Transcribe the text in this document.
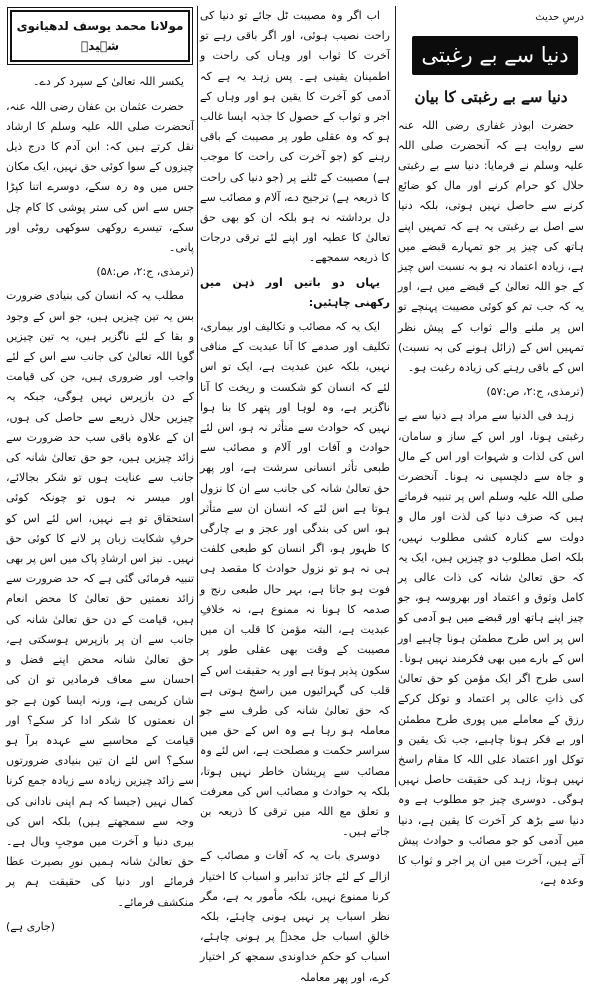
درسِ حدیث
دنیا سے بے رغبتی
دنیا سے بے رغبتی کا بیان

حضرت ابوذر غفاری رضی اللہ عنہ سے روایت ہے کہ آنحضرت صلی اللہ علیہ وسلم نے فرمایا: دنیا سے بے رغبتی حلال کو حرام کرنے اور مال کو ضائع کرنے سے حاصل نہیں ہوتی، بلکہ دنیا سے اصل بے رغبتی یہ ہے کہ تمہیں اپنے ہاتھ کی چیز پر جو تمہارے قبضے میں ہے، زیادہ اعتماد نہ ہو بہ نسبت اس چیز کے جو اللہ تعالیٰ کے قبضے میں ہے، اور یہ کہ جب تم کو کوئی مصیبت پہنچے تو اس پر ملنے والے ثواب کے پیش نظر تمہیں اس کے (زائل ہونے کی بہ نسبت) اس کے باقی رہنے کی زیادہ رغبت ہو۔

(ترمذی، ج:۲، ص:۵۷)

زہد فی الدنیا سے مراد ہے دنیا سے بے رغبتی ہونا، اور اس کے ساز و سامان، اس کی لذات و شہوات اور اس کے مال و جاہ سے دلچسپی نہ ہونا۔ آنحضرت صلی اللہ علیہ وسلم اس پر تنبیہ فرماتے ہیں کہ صرف دنیا کی لذت اور مال و دولت سے کنارہ کشی مطلوب نہیں، بلکہ اصل مطلوب دو چیزیں ہیں، ایک یہ کہ حق تعالیٰ شانہ کی ذات عالی پر کامل وثوق و اعتماد اور بھروسہ ہو، جو چیز اپنے ہاتھ اور قبضے میں ہو آدمی کو اس پر اس طرح مطمئن ہونا چاہیے اور اس کے بارے میں بھی فکرمند نہیں ہونا۔ اسی طرح اگر ایک مؤمن کو حق تعالیٰ کی ذاتِ عالی پر اعتماد و توکل کرکے رزق کے معاملے میں پوری طرح مطمئن اور بے فکر ہونا چاہیے، جب تک یقین و توکل اور اعتماد علی اللہ کا مقام راسخ نہیں ہوتا، زہد کی حقیقت حاصل نہیں ہوگی۔ دوسری چیز جو مطلوب ہے وہ دنیا سے بڑھ کر آخرت کا یقین ہے، دنیا میں آدمی کو جو مصائب و حوادث پیش آتے ہیں، آخرت میں ان پر اجر و ثواب کا وعدہ ہے،

اب اگر وہ مصیبت ٹل جائے تو دنیا کی راحت نصیب ہوئی، اور اگر باقی رہے تو آخرت کا ثواب اور وہاں کی راحت و اطمینان یقینی ہے۔ پس زہد یہ ہے کہ آدمی کو آخرت کا یقین ہو اور وہاں کے اجر و ثواب کے حصول کا جذبہ ایسا غالب ہو کہ وہ عقلی طور پر مصیبت کے باقی رہنے کو (جو آخرت کی راحت کا موجب ہے) مصیبت کے ٹلنے پر (جو دنیا کی راحت کا ذریعہ ہے) ترجیح دے، آلام و مصائب سے دل برداشتہ نہ ہو بلکہ ان کو بھی حق تعالیٰ کا عطیہ اور اپنے لئے ترقی درجات کا ذریعہ سمجھے۔

یہاں دو باتیں اور ذہن میں رکھنی چاہئیں:

ایک یہ کہ مصائب و تکالیف اور بیماری، تکلیف اور صدمے کا آنا عبدیت کے منافی نہیں، بلکہ عین عبدیت ہے، ایک تو اس لئے کہ انسان کو شکست و ریخت کا آنا ناگزیر ہے، وہ لوہا اور پتھر کا بنا ہوا نہیں کہ حوادث سے متأثر نہ ہو، اس لئے حوادث و آفات اور آلام و مصائب سے طبعی تأثر انسانی سرشت ہے، اور پھر حق تعالیٰ شانہ کی جانب سے ان کا نزول ہوتا ہے اس لئے کہ انسان ان سے متأثر ہو، اس کی بندگی اور عجز و بے چارگی کا ظہور ہو، اگر انسان کو طبعی کلفت ہی نہ ہو تو نزول حوادث کا مقصد ہی فوت ہو جاتا ہے، بہر حال طبعی رنج و صدمہ کا ہونا نہ ممنوع ہے، نہ خلافِ عبدیت ہے، البتہ مؤمن کا قلب ان میں مصیبت کے وقت بھی عقلی طور پر سکون پذیر ہوتا ہے اور یہ حقیقت اس کے قلب کی گہرائیوں میں راسخ ہوتی ہے کہ حق تعالیٰ شانہ کی طرف سے جو معاملہ ہو رہا ہے وہ اس کے حق میں سراسر حکمت و مصلحت ہے، اس لئے وہ مصائب سے پریشان خاطر نہیں ہوتا، بلکہ یہ حوادث و مصائب اس کی معرفت و تعلق مع اللہ میں ترقی کا ذریعہ بن جاتے ہیں۔

دوسری بات یہ کہ آفات و مصائب کے ازالے کے لئے جائز تدابیر و اسباب کا اختیار کرنا ممنوع نہیں، بلکہ مأمور بہ ہے، مگر نظر اسباب پر نہیں ہونی چاہئے، بلکہ خالقِ اسباب جل مجدہٗ پر ہونی چاہئے، اسباب کو حکمِ خداوندی سمجھ کر اختیار کرے، اور پھر معاملہ

مولانا محمد یوسف لدھیانوی شہیدؒ

یکسر اللہ تعالیٰ کے سپرد کر دے۔

حضرت عثمان بن عفان رضی اللہ عنہ، آنحضرت صلی اللہ علیہ وسلم کا ارشاد نقل کرتے ہیں کہ: ابن آدم کا درج ذیل چیزوں کے سوا کوئی حق نہیں، ایک مکان جس میں وہ رہ سکے، دوسرے اتنا کپڑا جس سے اس کی ستر پوشی کا کام چل سکے، تیسرے روکھی سوکھی روٹی اور پانی۔

(ترمذی، ج:۲، ص:۵۸)

مطلب یہ کہ انسان کی بنیادی ضرورت بس یہ تین چیزیں ہیں، جو اس کے وجود و بقا کے لئے ناگزیر ہیں، یہ تین چیزیں گویا اللہ تعالیٰ کی جانب سے اس کے لئے واجب اور ضروری ہیں، جن کی قیامت کے دن بازپرس نہیں ہوگی، جبکہ یہ چیزیں حلال ذریعے سے حاصل کی ہوں، ان کے علاوہ باقی سب حد ضرورت سے زائد چیزیں ہیں، جو حق تعالیٰ شانہ کی جانب سے عنایت ہوں تو شکر بجالائے، اور میسر نہ ہوں تو چونکہ کوئی استحقاق تو ہے نہیں، اس لئے اس کو حرفِ شکایت زبان پر لانے کا کوئی حق نہیں۔ نیز اس ارشادِ پاک میں اس پر بھی تنبیہ فرمائی گئی ہے کہ حد ضرورت سے زائد نعمتیں حق تعالیٰ کا محض انعام ہیں، قیامت کے دن حق تعالیٰ شانہ کی جانب سے ان پر بازپرس ہوسکتی ہے، حق تعالیٰ شانہ محض اپنے فضل و احسان سے معاف فرمادیں تو ان کی شان کریمی ہے، ورنہ ایسا کون ہے جو ان نعمتوں کا شکر ادا کر سکے؟ اور قیامت کے محاسبے سے عہدہ برآ ہو سکے؟ اس لئے ان تین بنیادی ضرورتوں سے زائد چیزیں زیادہ سے زیادہ جمع کرنا کمال نہیں (جیسا کہ ہم اپنی نادانی کی وجہ سے سمجھتے ہیں) بلکہ اس کی بیری دنیا و آخرت میں موجبِ وبال ہے۔ حق تعالیٰ شانہ ہمیں نورِ بصیرت عطا فرمائے اور دنیا کی حقیقت ہم پر منکشف فرمائے۔

(جاری ہے)
